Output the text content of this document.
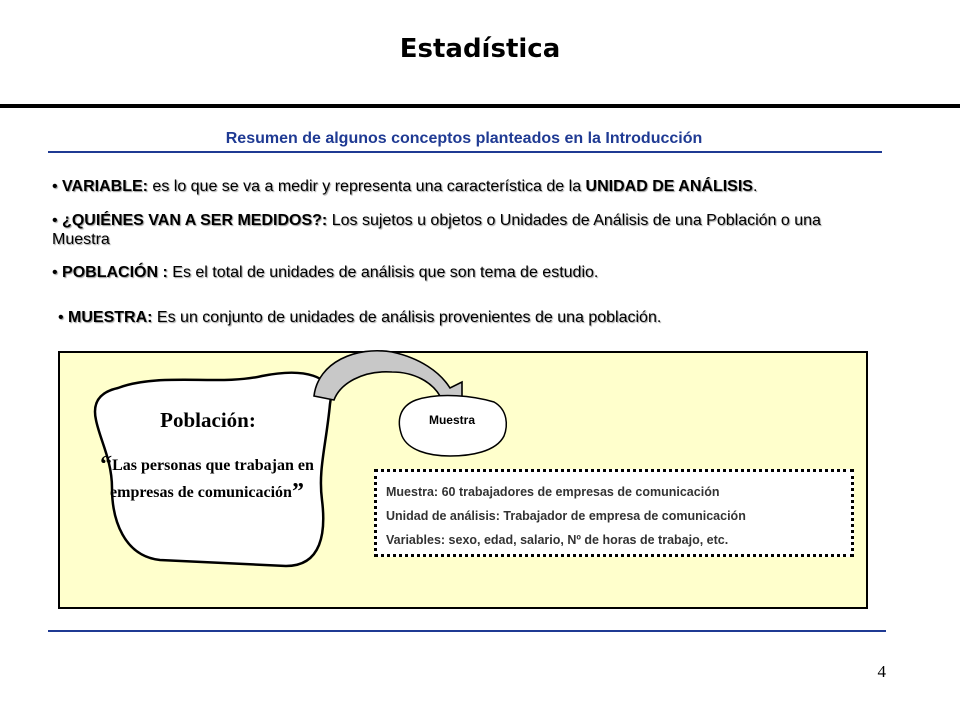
Estadística
Resumen de algunos conceptos planteados en la Introducción
• VARIABLE: es lo que se va a medir y representa una característica de la UNIDAD DE ANÁLISIS.
• ¿QUIÉNES VAN A SER MEDIDOS?: Los sujetos u objetos o Unidades de Análisis de una Población o una Muestra
• POBLACIÓN : Es el total de unidades de análisis que son tema de estudio.
• MUESTRA: Es un conjunto de unidades de análisis provenientes de una población.
Población:
“Las personas que trabajan en empresas de comunicación”
Muestra
Muestra: 60 trabajadores de empresas de comunicación
Unidad de análisis: Trabajador de empresa de comunicación
Variables: sexo, edad, salario, Nº de horas de trabajo, etc.
4
